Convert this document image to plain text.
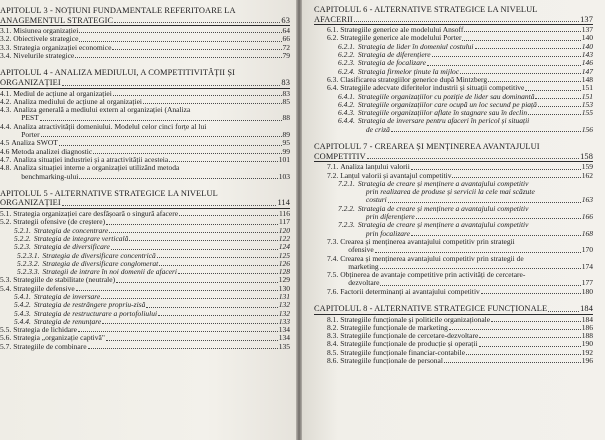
APITOLUL 3 - NOȚIUNI FUNDAMENTALE REFERITOARE LA
ANAGEMENTUL STRATEGIC	63
3.1. Misiunea organizației	64
3.2. Obiectivele strategice	66
3.3. Strategia organizației economice	72
3.4. Nivelurile strategice	79
APITOLUL 4 - ANALIZA MEDIULUI, A COMPETITIVITĂȚII ȘI
ORGANIZAȚIEI	83
4.1. Mediul de acțiune al organizației	83
4.2. Analiza mediului de acțiune al organizației	85
4.3. Analiza generală a mediului extern al organizației (Analiza
PEST	88
4.4. Analiza atractivității domeniului. Modelul celor cinci forțe al lui
Porter	89
4.5 Analiza SWOT	95
4.6 Metoda analizei diagnostic	99
4.7. Analiza situației industriei și a atractivității acesteia	101
4.8. Analiza situației interne a organizației utilizând metoda
benchmarking-ului	103
APITOLUL 5 - ALTERNATIVE STRATEGICE LA NIVELUL
ORGANIZAȚIEI	114
5.1. Strategia organizației care desfășoară o singură afacere	116
5.2. Strategii ofensive (de creștere)	117
5.2.1. Strategia de concentrare	120
5.2.2. Strategia de integrare verticală	122
5.2.3. Strategia de diversificare	124
5.2.3.1. Strategia de diversificare concentrică	125
5.2.3.2. Strategia de diversificare conglomerat	126
5.2.3.3. Strategii de intrare în noi domenii de afaceri	128
5.3. Strategiile de stabilitate (neutrale)	129
5.4. Strategiile defensive	130
5.4.1. Strategia de inversare	131
5.4.2. Strategia de restrângere propriu-zisă	132
5.4.3. Strategia de restructurare a portofoliului	132
5.4.4. Strategia de renunțare	133
5.5. Strategia de lichidare	134
5.6. Strategia „organizație captivă"	134
5.7. Strategiile de combinare	135
CAPITOLUL 6 - ALTERNATIVE STRATEGICE LA NIVELUL
AFACERII	137
6.1. Strategiile generice ale modelului Ansoff	137
6.2. Strategiile generice ale modelului Porter	140
6.2.1. Strategia de lider în domeniul costului	140
6.2.2. Strategia de diferențiere	143
6.2.3. Strategia de focalizare	146
6.2.4. Strategia firmelor ținute la mijloc	147
6.3. Clasificarea strategiilor generice după Mintzberg	148
6.4. Strategiile adecvate diferitelor industrii și situații competitive	151
6.4.1. Strategiile organizațiilor cu poziție de lider sau dominantă	151
6.4.2. Strategiile organizațiilor care ocupă un loc secund pe piață	153
6.4.3. Strategiile organizațiilor aflate în stagnare sau în declin	155
6.4.4. Strategia de inversare pentru afaceri în pericol și situații
de criză	156
CAPITOLUL 7 - CREAREA ȘI MENȚINEREA AVANTAJULUI
COMPETITIV	158
7.1. Analiza lanțului valorii	159
7.2. Lanțul valorii și avantajul competitiv	162
7.2.1. Strategia de creare și menținere a avantajului competitiv
prin realizarea de produse și servicii la cele mai scăzute
costuri	163
7.2.2. Strategia de creare și menținere a avantajului competitiv
prin diferențiere	166
7.2.3. Strategia de creare și menținere a avantajului competitiv
prin focalizare	168
7.3. Crearea și menținerea avantajului competitiv prin strategii
ofensive	170
7.4. Crearea și menținerea avantajului competitiv prin strategii de
marketing	174
7.5. Obținerea de avantaje competitive prin activități de cercetare-
dezvoltare	177
7.6. Factorii determinanți ai avantajului competitiv	180
CAPITOLUL 8 - ALTERNATIVE STRATEGICE FUNCȚIONALE	184
8.1. Strategiile funcționale și politicile organizaționale	184
8.2. Strategiile funcționale de marketing	186
8.3. Strategiile funcționale de cercetare-dezvoltare	188
8.4. Strategiile funcționale de producție și operații	190
8.5. Strategiile funcționale financiar-contabile	192
8.6. Strategiile funcționale de personal	196
